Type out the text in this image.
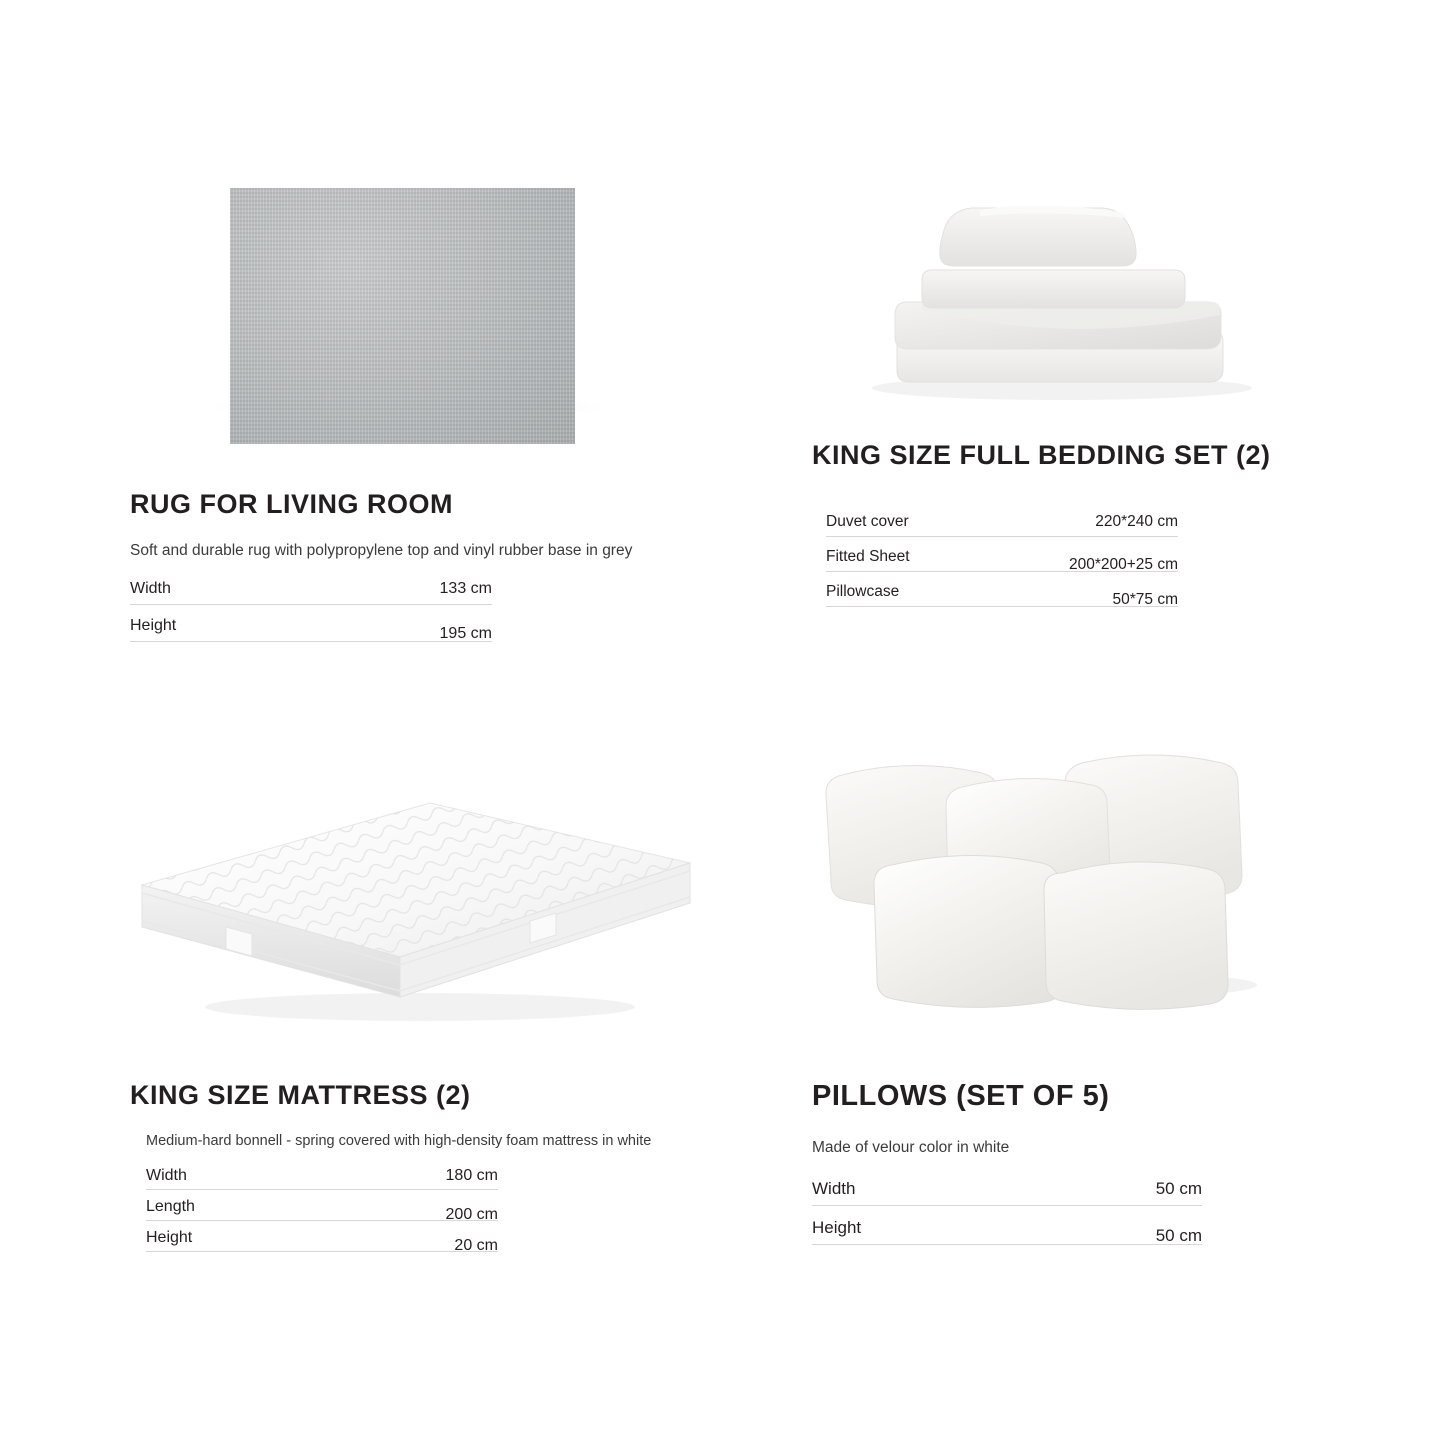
RUG FOR LIVING ROOM
Soft and durable rug with polypropylene top and vinyl rubber base in grey
Width	133 cm
Height	195 cm
KING SIZE FULL BEDDING SET (2)
Duvet cover	220*240 cm
Fitted Sheet	200*200+25 cm
Pillowcase	50*75 cm
KING SIZE MATTRESS (2)
Medium-hard bonnell - spring covered with high-density foam mattress in white
Width	180 cm
Length	200 cm
Height	20 cm
PILLOWS (SET OF 5)
Made of velour color in white
Width	50 cm
Height	50 cm
